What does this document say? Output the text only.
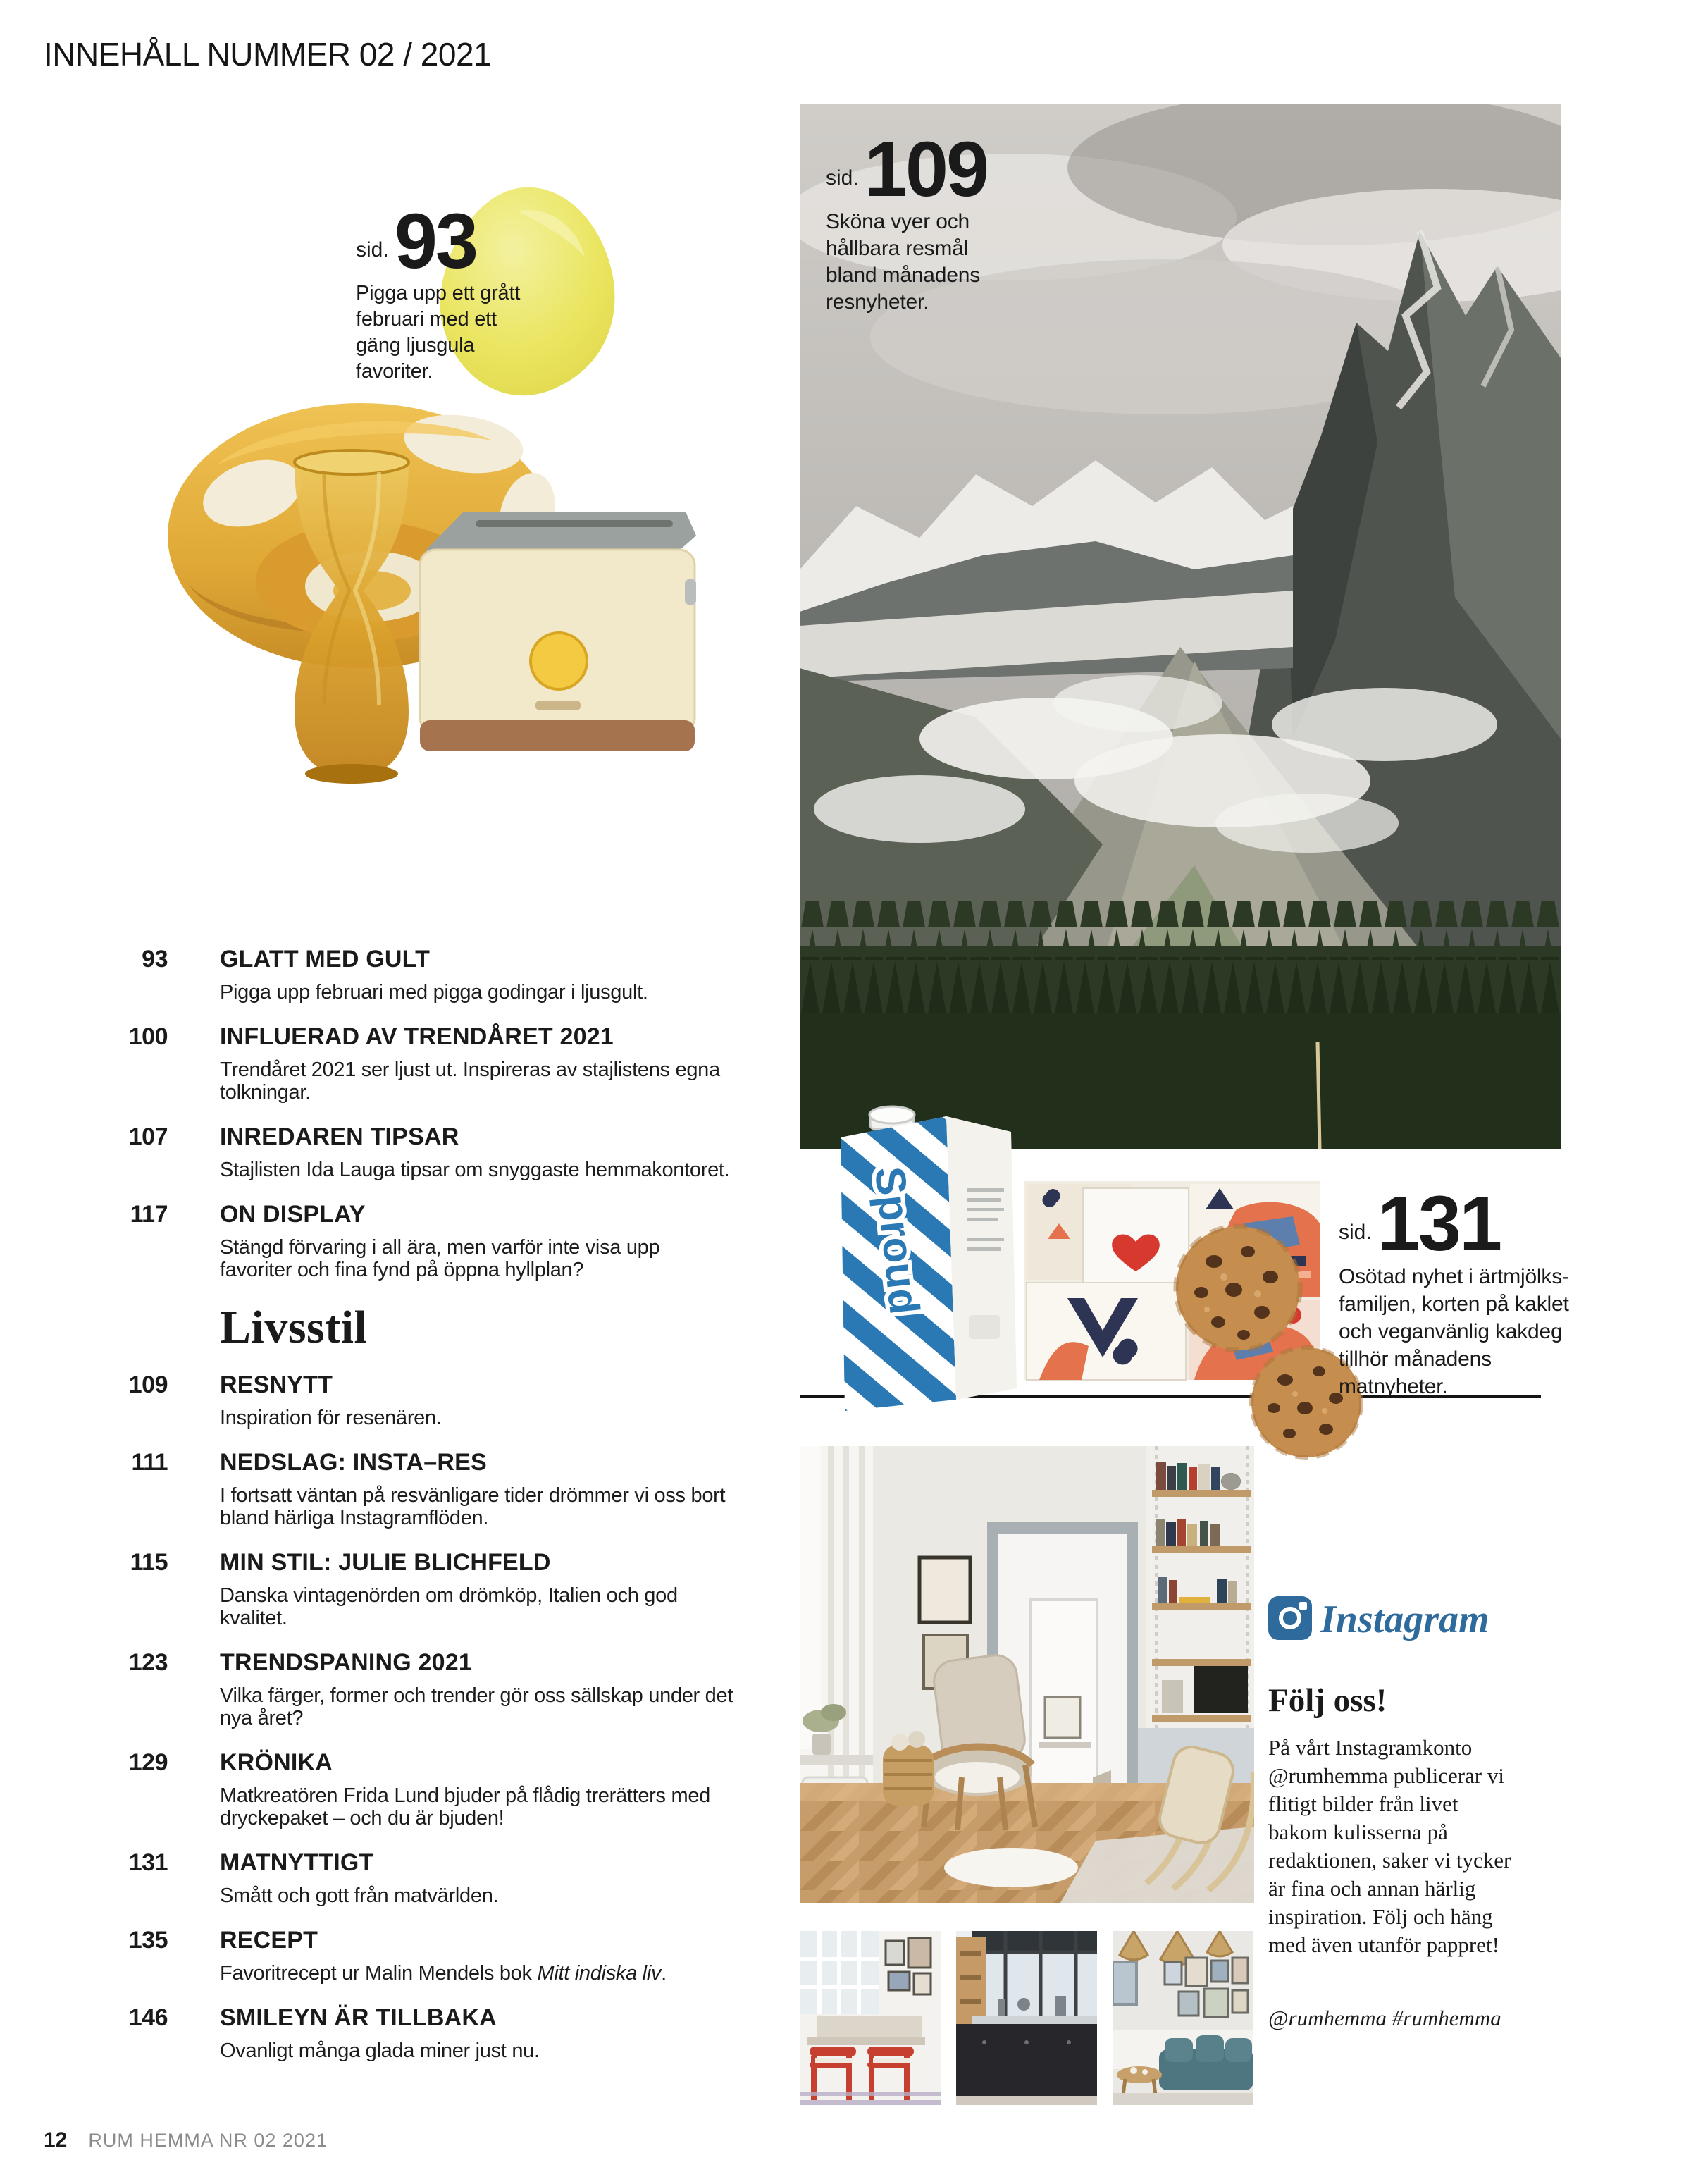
INNEHÅLL NUMMER 02 / 2021
sid. 93

Pigga upp ett grått februari med ett gäng ljusgula favoriter.

sid. 109

Sköna vyer och hållbara resmål bland månadens resnyheter.

93 GLATT MED GULT
Pigga upp februari med pigga godingar i ljusgult.
100 INFLUERAD AV TRENDÅRET 2021
Trendåret 2021 ser ljust ut. Inspireras av stajlistens egna tolkningar.
107 INREDAREN TIPSAR
Stajlisten Ida Lauga tipsar om snyggaste hemmakontoret.
117 ON DISPLAY
Stängd förvaring i all ära, men varför inte visa upp favoriter och fina fynd på öppna hyllplan?
Livsstil
109 RESNYTT
Inspiration för resenären.
111 NEDSLAG: INSTA–RES
I fortsatt väntan på resvänligare tider drömmer vi oss bort bland härliga Instagramflöden.
115 MIN STIL: JULIE BLICHFELD
Danska vintagenörden om drömköp, Italien och god kvalitet.
123 TRENDSPANING 2021
Vilka färger, former och trender gör oss sällskap under det nya året?
129 KRÖNIKA
Matkreatören Frida Lund bjuder på flådig trerätters med dryckepaket – och du är bjuden!
131 MATNYTTIGT
Smått och gott från matvärlden.
135 RECEPT
Favoritrecept ur Malin Mendels bok Mitt indiska liv.
146 SMILEYN ÄR TILLBAKA
Ovanligt många glada miner just nu.
Sproud	sid. 131

Osötad nyhet i ärtmjölks-familjen, korten på kaklet och veganvänlig kakdeg tillhör månadens matnyheter.

Instagram
Följ oss!
På vårt Instagramkonto @rumhemma publicerar vi flitigt bilder från livet bakom kulisserna på redaktionen, saker vi tycker är fina och annan härlig inspiration. Följ och häng med även utanför pappret!
@rumhemma #rumhemma
12 RUM HEMMA NR 02 2021
